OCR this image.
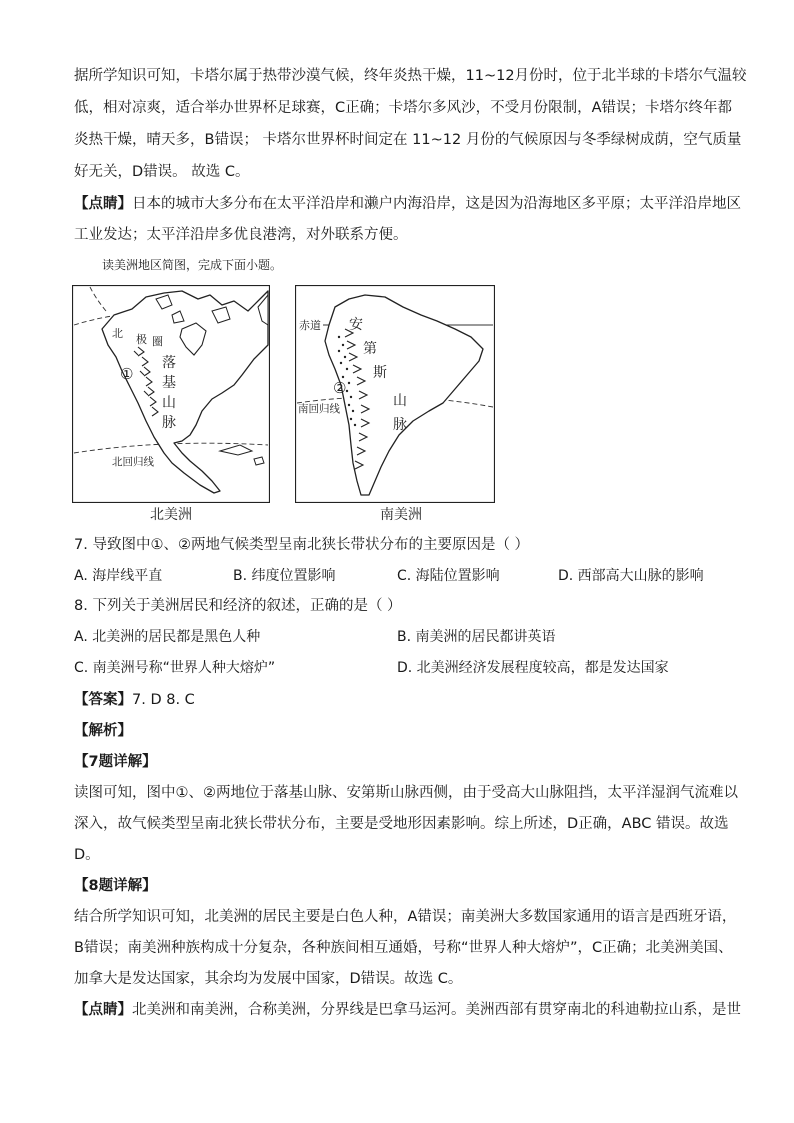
据所学知识可知，卡塔尔属于热带沙漠气候，终年炎热干燥，11~12月份时，位于北半球的卡塔尔气温较
低，相对凉爽，适合举办世界杯足球赛，C正确；卡塔尔多风沙，不受月份限制，A错误；卡塔尔终年都
炎热干燥，晴天多，B错误； 卡塔尔世界杯时间定在 11~12 月份的气候原因与冬季绿树成荫，空气质量
好无关，D错误。 故选 C。
【点睛】日本的城市大多分布在太平洋沿岸和濑户内海沿岸，这是因为沿海地区多平原；太平洋沿岸地区
工业发达；太平洋沿岸多优良港湾，对外联系方便。
读美洲地区简图，完成下面小题。
北 极 圈
①
落
基
山
脉
北回归线
赤道
②
安
第
斯
山
脉
南回归线
北美洲	南美洲
7. 导致图中①、②两地气候类型呈南北狭长带状分布的主要原因是（ ）
A. 海岸线平直	B. 纬度位置影响	C. 海陆位置影响	D. 西部高大山脉的影响
8. 下列关于美洲居民和经济的叙述，正确的是（ ）
A. 北美洲的居民都是黑色人种	B. 南美洲的居民都讲英语
C. 南美洲号称“世界人种大熔炉”	D. 北美洲经济发展程度较高，都是发达国家
【答案】7. D 8. C
【解析】
【7题详解】
读图可知，图中①、②两地位于落基山脉、安第斯山脉西侧，由于受高大山脉阻挡，太平洋湿润气流难以
深入，故气候类型呈南北狭长带状分布，主要是受地形因素影响。综上所述，D正确，ABC 错误。故选
D。
【8题详解】
结合所学知识可知，北美洲的居民主要是白色人种，A错误；南美洲大多数国家通用的语言是西班牙语，
B错误；南美洲种族构成十分复杂，各种族间相互通婚，号称“世界人种大熔炉”，C正确；北美洲美国、
加拿大是发达国家，其余均为发展中国家，D错误。故选 C。
【点睛】北美洲和南美洲，合称美洲，分界线是巴拿马运河。美洲西部有贯穿南北的科迪勒拉山系，是世
